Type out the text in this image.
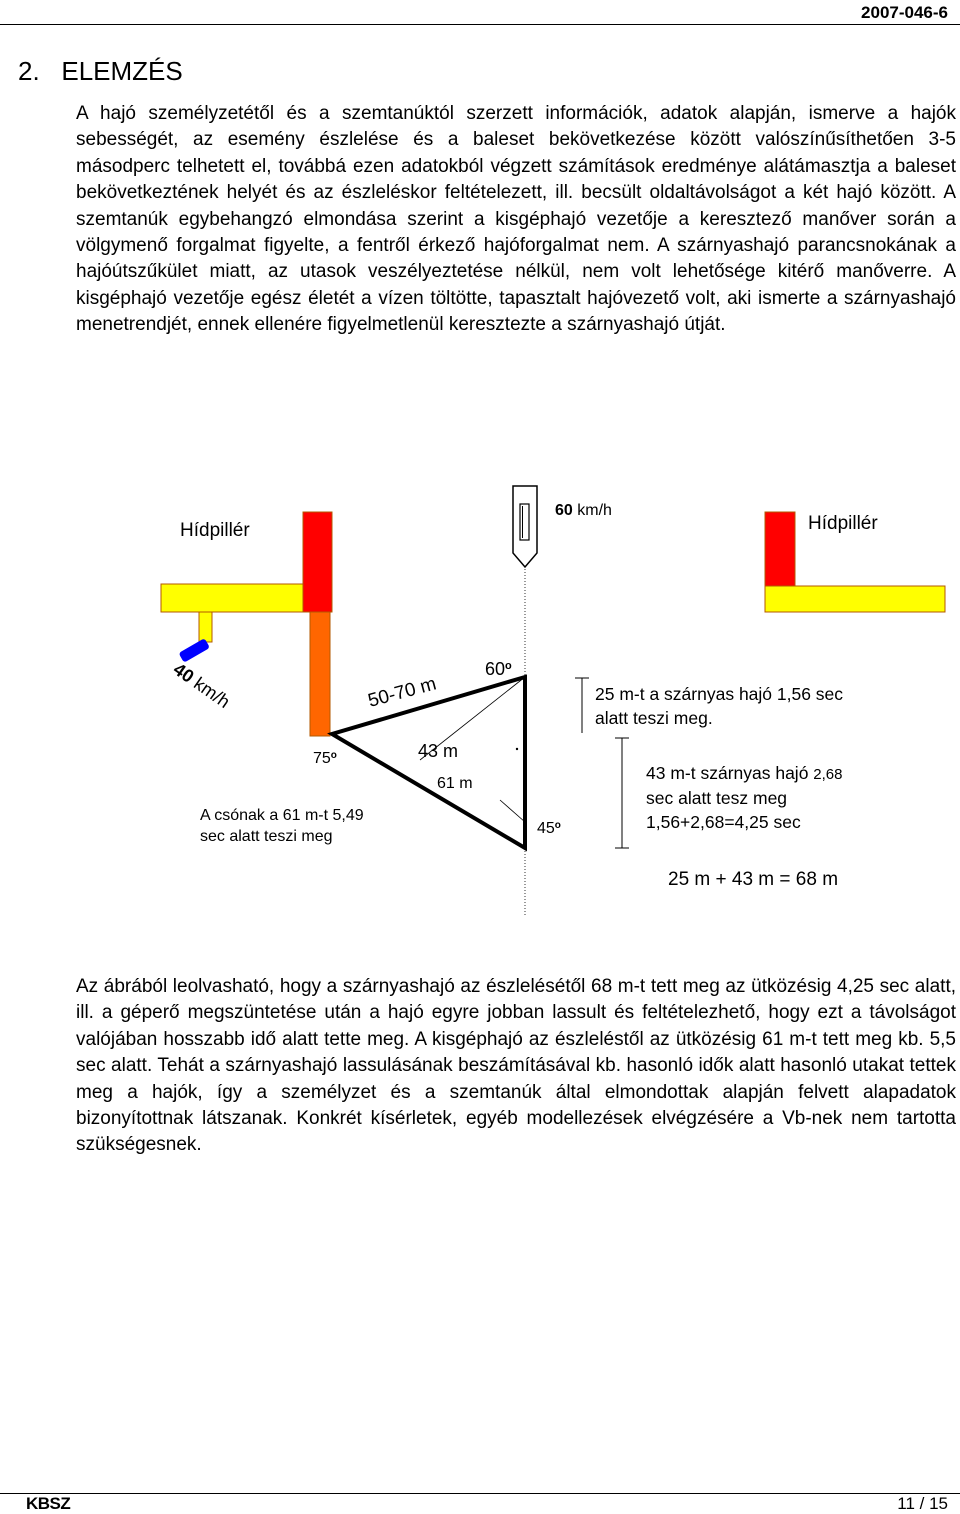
2007-046-6
2.   ELEMZÉS

A hajó személyzetétől és a szemtanúktól szerzett információk, adatok alapján, ismerve a hajók sebességét, az esemény észlelése és a baleset bekövetkezése között valószínűsíthetően 3-5 másodperc telhetett el, továbbá ezen adatokból végzett számítások eredménye alátámasztja a baleset bekövetkeztének helyét és az észleléskor feltételezett, ill. becsült oldaltávolságot a két hajó között. A szemtanúk egybehangzó elmondása szerint a kisgéphajó vezetője a keresztező manőver során a völgymenő forgalmat figyelte, a fentről érkező hajóforgalmat nem. A szárnyashajó parancsnokának a hajóútszűkület miatt, az utasok veszélyeztetése nélkül, nem volt lehetősége kitérő manőverre. A kisgéphajó vezetője egész életét a vízen töltötte, tapasztalt hajóvezető volt, aki ismerte a szárnyashajó menetrendjét, ennek ellenére figyelmetlenül keresztezte a szárnyashajó útját.

Hídpillér	Hídpillér
60 km/h
40 km/h	50-70 m
60$^o$
75$^o$
45$^o$
43 m
61 m
A csónak a 61 m-t 5,49
sec alatt teszi meg
25 m-t a szárnyas hajó 1,56 sec
alatt teszi meg.
43 m-t szárnyas hajó 2,68
sec alatt tesz meg
1,56+2,68=4,25 sec
25 m + 43 m = 68 m

Az ábrából leolvasható, hogy a szárnyashajó az észlelésétől 68 m-t tett meg az ütközésig 4,25 sec alatt, ill. a géperő megszüntetése után a hajó egyre jobban lassult és feltételezhető, hogy ezt a távolságot valójában hosszabb idő alatt tette meg. A kisgéphajó az észleléstől az ütközésig 61 m-t tett meg kb. 5,5 sec alatt. Tehát a szárnyashajó lassulásának beszámításával kb. hasonló idők alatt hasonló utakat tettek meg a hajók, így a személyzet és a szemtanúk által elmondottak alapján felvett alapadatok bizonyítottnak látszanak. Konkrét kísérletek, egyéb modellezések elvégzésére a Vb-nek nem tartotta szükségesnek.

KBSZ	11 / 15
